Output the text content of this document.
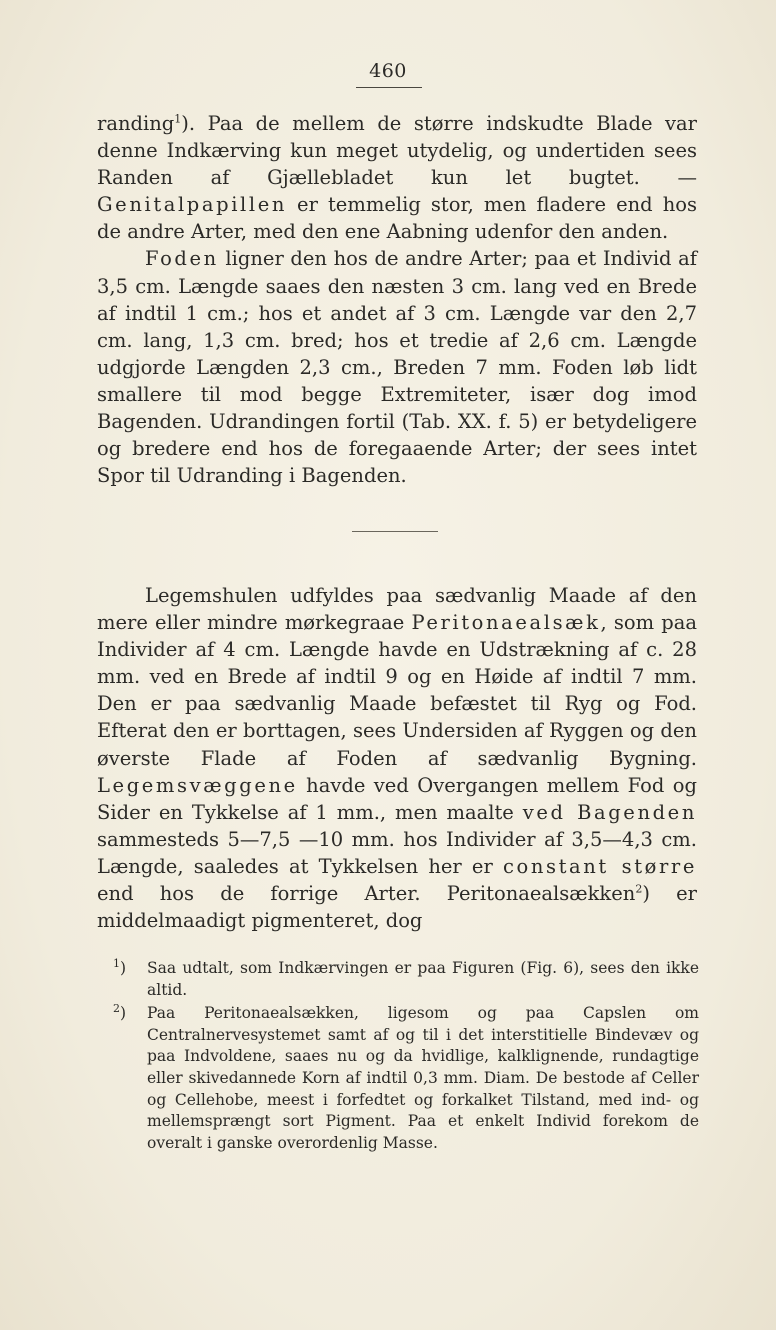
460

randing$^1$). Paa de mellem de større indskudte Blade var denne Indkærving kun meget utydelig, og undertiden sees Randen af Gjællebladet kun let bugtet. — Genitalpapillen er temmelig stor, men fladere end hos de andre Arter, med den ene Aabning udenfor den anden.

Foden ligner den hos de andre Arter; paa et Individ af 3,5 cm. Længde saaes den næsten 3 cm. lang ved en Brede af indtil 1 cm.; hos et andet af 3 cm. Længde var den 2,7 cm. lang, 1,3 cm. bred; hos et tredie af 2,6 cm. Længde udgjorde Længden 2,3 cm., Breden 7 mm. Foden løb lidt smallere til mod begge Extremiteter, især dog imod Bagenden. Udrandingen fortil (Tab. XX. f. 5) er betydeligere og bredere end hos de foregaaende Arter; der sees intet Spor til Udranding i Bagenden.

Legemshulen udfyldes paa sædvanlig Maade af den mere eller mindre mørkegraae Peritonaealsæk, som paa Individer af 4 cm. Længde havde en Udstrækning af c. 28 mm. ved en Brede af indtil 9 og en Høide af indtil 7 mm. Den er paa sædvanlig Maade befæstet til Ryg og Fod. Efterat den er borttagen, sees Undersiden af Ryggen og den øverste Flade af Foden af sædvanlig Bygning. Legemsvæggene havde ved Overgangen mellem Fod og Sider en Tykkelse af 1 mm., men maalte ved Bagenden sammesteds 5—7,5 —10 mm. hos Individer af 3,5—4,3 cm. Længde, saaledes at Tykkelsen her er constant større end hos de forrige Arter. Peritonaealsækken$^2$) er middelmaadigt pigmenteret, dog

$^1$)	Saa udtalt, som Indkærvingen er paa Figuren (Fig. 6), sees den ikke altid.
$^2$)	Paa Peritonaealsækken, ligesom og paa Capslen om Centralnervesystemet samt af og til i det interstitielle Bindevæv og paa Indvoldene, saaes nu og da hvidlige, kalklignende, rundagtige eller skivedannede Korn af indtil 0,3 mm. Diam. De bestode af Celler og Cellehobe, meest i forfedtet og forkalket Tilstand, med ind- og mellemsprængt sort Pigment. Paa et enkelt Individ forekom de overalt i ganske overordenlig Masse.
